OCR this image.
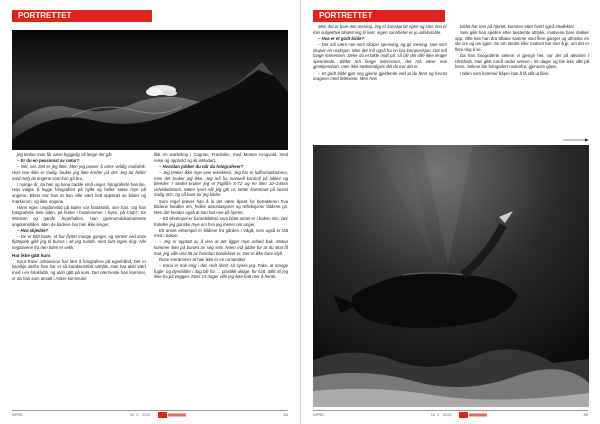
PORTRETTET

jeg tenker man får være hyggelig så lenge det går.

– Er du en pessimist av natur?

– Nei, nei. Det er jeg ikke. Men jeg prøver å være veldig realistisk. Hvis noe ikke er mulig, bruker jeg ikke krefter på det. Jeg tar heller med meg de tingene som kan gå bra.

I mange år, da han og kona hadde små unger, fotograferte han lite. Han valgte å legge fotografien på hylla og heller satse mye på ungene. Ellers tror han at han ville vært helt oppslukt av bilder og mørkerom, og ikke ungene.

Hans egen ungdomstid på Bøler var fantastisk, sier han. Og han fotograferte hele tiden, på fester i busslommer, i byen, på Club7, Sir Winston og gamle Jegerhallen. Han gjennomdokumenterte ungdomstiden. Men de bildene har han ikke lenger.

– Hva skjedde?

– De er blitt borte. Vi har flyttet mange ganger, og senest ved siste flyttejobb gikk jeg til bunns i alt jeg hadde, men fant ingen ting. Alle negativene fra den tiden er vekk.

Har ikke gått kurs

Knut Rune Johansson har lært å fotografere på egenhånd. Det er kanskje derfor han har et så karakteristisk uttrykk. Han har aldri vært med i en fotoklubb, og aldri gått på kurs. Det nærmeste han kommer, er da han som ansatt i Asker kommune

fikk en workshop i Cognac, Frankrike, med Morten Krogvold, med reise og opphold og alt inkludert.

– Hvordan jobber du når du fotograferer?

– Jeg tenker ikke mye over teknikken. Jeg har et fullformatkamera, men det bruker jeg ikke. Jeg må ha manuell kontroll på lukker og blender. I stedet bruker jeg et Fujifilm X-T2 og en liten 10–24mm vidvinkelzoom. Møter lyset når jeg går ut, setter kameraet på lavest mulig ISO, og så bare tar jeg bilder.

Som regel prøver han å la det være åpent for betrakteren hva bildene handler om, hvilke assosiasjoner og refleksjoner bildene gir. Men det hender også at han har noe på hjertet.

– Ett eksempel er barnebildene som blant annet er i boken min. Der forteller jeg ganske mye om hva jeg mener om unger.

Ett annet eksempel er bildene fra gården i Vågå, som også er tatt med i boken.

– Jeg er opptatt av å vise at det ligger mye arbeid bak. Maten kommer ikke på bordet av seg selv. Noen må jobbe for at du skal få mat, jeg ville vise litt av hvordan bondelivet er. Det er ikke bare idyll.

Rune innrømmer at han ikke er en romantiker.

– Kona er nok enig i det. Helt ålreit, så synes jeg. Faks. at mange fugle- og dyrebilder i dag blir for … plastikk-aktige, for satt. Slikt vil jeg ikke ha på veggen. Etter 14 dager ville jeg ikke hatt mer å hente.

APRIL	Nr. 2 · 2021	84
PORTRETTET

Men det er bare min mening. Jeg er kanskje litt egen og sær. Det er min subjektive tilnærming til livet, ingen sannheter er jo udiskutable.

– Hva er et godt bilde?

– Det må være noe som skaper spenning, og gir mening. Noe som skaper en reaksjon. Men det må også ha en bra komposisjon. Det må fange interessen. Deler du et bilde midt på, så blir det ofte ikke lenger spennende. Bildet må fange interessen, det må være noe gjenkjennbart, men ikke nødvendigvis det du tror det er.

– Et godt bilde gjør seg gjerne gjeldende ved at du først og fremst reagerer med følelsene. Men hvis

bildet har mer på hjertet, kommer etter hvert også intellektet.

Selv gikk han sjelden etter bestemte uttrykk, motivene bare dukker opp. Ofte kan han dra tilbake samme sted flere ganger og utforske en ide om og om igjen. Se om stedet eller motivet har mer å gi, om det er flere ting å se.

Da han fotograferte selene vi gjengir her, var det på akvariet i Hirtshals. Han gikk rundt under selene i tre dager og ble ikke vått på bena. Selene ble fotografert nedenfra, gjennom glass.

I tiden som kommer håper han å få stilt ut flere

APRIL	Nr. 2 · 2021	85
